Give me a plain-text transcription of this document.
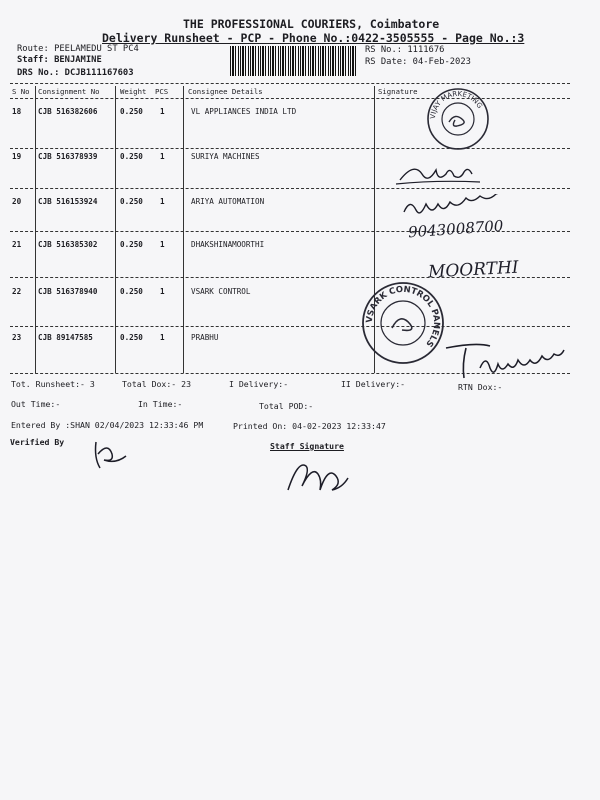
THE PROFESSIONAL COURIERS, Coimbatore
Delivery Runsheet - PCP - Phone No.:0422-3505555 - Page No.:3
Route: PEELAMEDU ST PC4
Staff: BENJAMINE
DRS No.: DCJB111167603
RS No.: 1111676
RS Date: 04-Feb-2023
S No Consignment No	Weight PCS	Consignee Details	Signature
18 CJB 516382606	0.250 1	VL APPLIANCES INDIA LTD
19 CJB 516378939	0.250 1	SURIYA MACHINES
20 CJB 516153924	0.250 1	ARIYA AUTOMATION
21 CJB 516385302	0.250 1	DHAKSHINAMOORTHI
22 CJB 516378940	0.250 1	VSARK CONTROL
23 CJB 89147585	0.250 1	PRABHU
Tot. Runsheet:- 3	Total Dox:- 23	I Delivery:-	II Delivery:-	RTN Dox:-
Out Time:-	In Time:-	Total POD:-
Entered By :SHAN 02/04/2023 12:33:46 PM	Printed On: 04-02-2023 12:33:47
Verified By	Staff Signature
VIJAY MARKETING
VSARK CONTROL PANELS
9043008700
MOORTHI
